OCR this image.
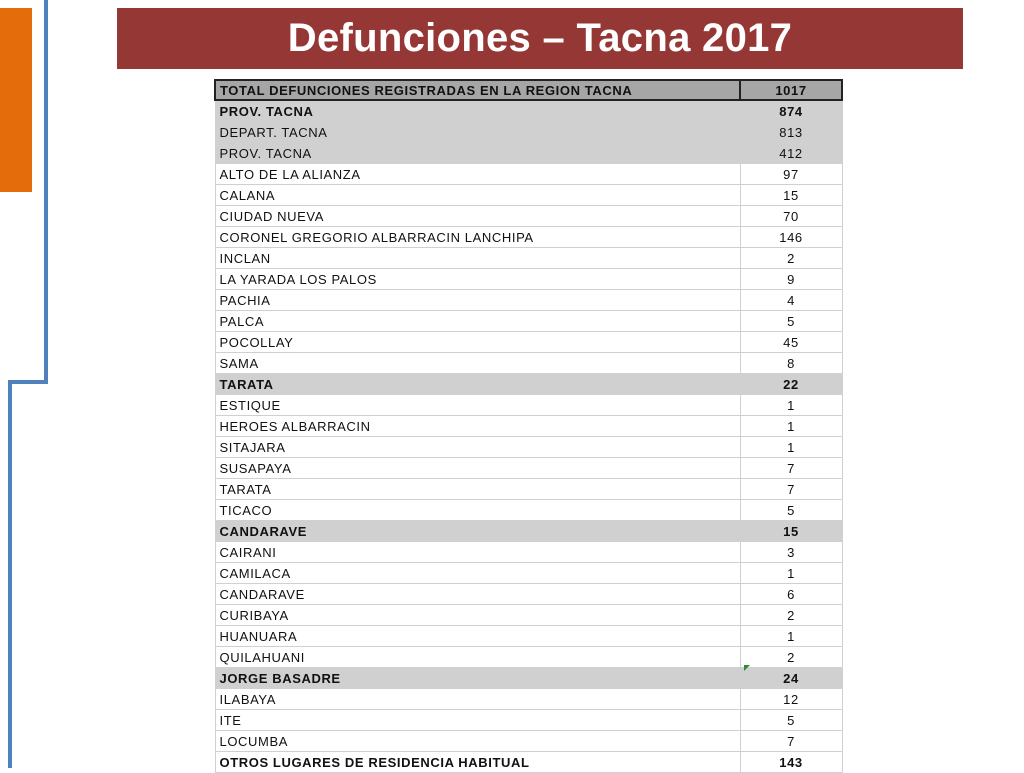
Defunciones – Tacna 2017
TOTAL DEFUNCIONES REGISTRADAS EN LA REGION TACNA	1017
PROV. TACNA	874
DEPART. TACNA	813
PROV. TACNA	412
ALTO DE LA ALIANZA	97
CALANA	15
CIUDAD NUEVA	70
CORONEL GREGORIO ALBARRACIN LANCHIPA	146
INCLAN	2
LA YARADA LOS PALOS	9
PACHIA	4
PALCA	5
POCOLLAY	45
SAMA	8
TARATA	22
ESTIQUE	1
HEROES ALBARRACIN	1
SITAJARA	1
SUSAPAYA	7
TARATA	7
TICACO	5
CANDARAVE	15
CAIRANI	3
CAMILACA	1
CANDARAVE	6
CURIBAYA	2
HUANUARA	1
QUILAHUANI	2
JORGE BASADRE	24
ILABAYA	12
ITE	5
LOCUMBA	7
OTROS LUGARES DE RESIDENCIA HABITUAL	143
